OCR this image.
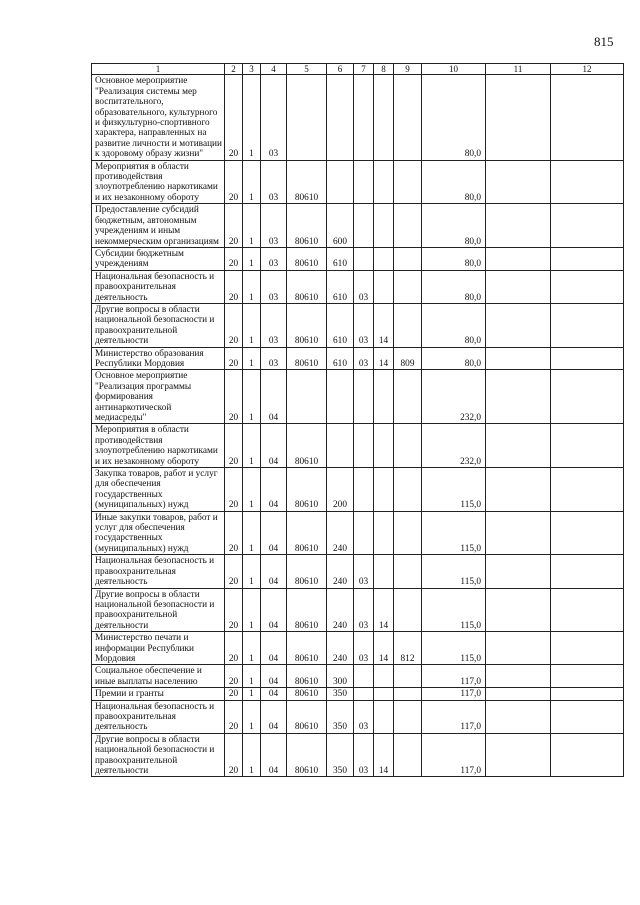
815
1	2	3	4	5	6	7	8	9	10	11	12
Основное мероприятие "Реализация системы мер воспитательного, образовательного, культурного и физкультурно-спортивного характера, направленных на развитие личности и мотивации к здоровому образу жизни"	20	1	03						80,0		
Мероприятия в области противодействия злоупотреблению наркотиками и их незаконному обороту	20	1	03	80610					80,0		
Предоставление субсидий бюджетным, автономным учреждениям и иным некоммерческим организациям	20	1	03	80610	600				80,0		
Субсидии бюджетным учреждениям	20	1	03	80610	610				80,0		
Национальная безопасность и правоохранительная деятельность	20	1	03	80610	610	03			80,0		
Другие вопросы в области национальной безопасности и правоохранительной деятельности	20	1	03	80610	610	03	14		80,0		
Министерство образования Республики Мордовия	20	1	03	80610	610	03	14	809	80,0		
Основное мероприятие "Реализация программы формирования антинаркотической медиасреды"	20	1	04						232,0		
Мероприятия в области противодействия злоупотреблению наркотиками и их незаконному обороту	20	1	04	80610					232,0		
Закупка товаров, работ и услуг для обеспечения государственных (муниципальных) нужд	20	1	04	80610	200				115,0		
Иные закупки товаров, работ и услуг для обеспечения государственных (муниципальных) нужд	20	1	04	80610	240				115,0		
Национальная безопасность и правоохранительная деятельность	20	1	04	80610	240	03			115,0		
Другие вопросы в области национальной безопасности и правоохранительной деятельности	20	1	04	80610	240	03	14		115,0		
Министерство печати и информации Республики Мордовия	20	1	04	80610	240	03	14	812	115,0		
Социальное обеспечение и иные выплаты населению	20	1	04	80610	300				117,0		
Премии и гранты	20	1	04	80610	350				117,0		
Национальная безопасность и правоохранительная деятельность	20	1	04	80610	350	03			117,0		
Другие вопросы в области национальной безопасности и правоохранительной деятельности	20	1	04	80610	350	03	14		117,0		
